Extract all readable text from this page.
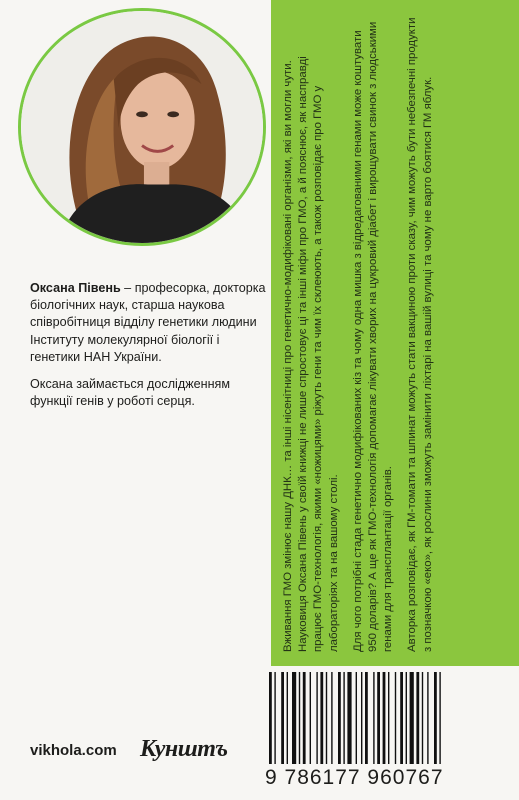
Оксана Півень – професорка, докторка біологічних наук, старша наукова співробітниця відділу генетики людини Інституту молекулярної біології і генетики НАН України.

Оксана займається дослідженням функції генів у роботі серця.	Вживання ГМО змінює нашу ДНК… та інші нісенітниці про генетично-модифіковані організми, які ви могли чути. Науковиця Оксана Півень у своїй книжці не лише спростовує ці та інші міфи про ГМО, а й пояснює, як насправді працює ГМО-технологія, якими «ножицями» ріжуть гени та чим їх склеюють, а також розповідає про ГМО у лабораторіях та на вашому столі. Для чого потрібні стада генетично модифікованих кіз та чому одна мишка з відредагованими генами може коштувати 950 доларів? А ще як ГМО-технологія допомагає лікувати хворих на цукровий діабет і вирощувати свинок з людськими генами для трансплантації органів. Авторка розповідає, як ГМ-томати та шпинат можуть стати вакциною проти сказу, чим можуть бути небезпечні продукти з позначкою «еко», як рослини зможуть замінити ліхтарі на вашій вулиці та чому не варто боятися ГМ яблук.

9 786177 960767
vikhola.com Кунштъ
